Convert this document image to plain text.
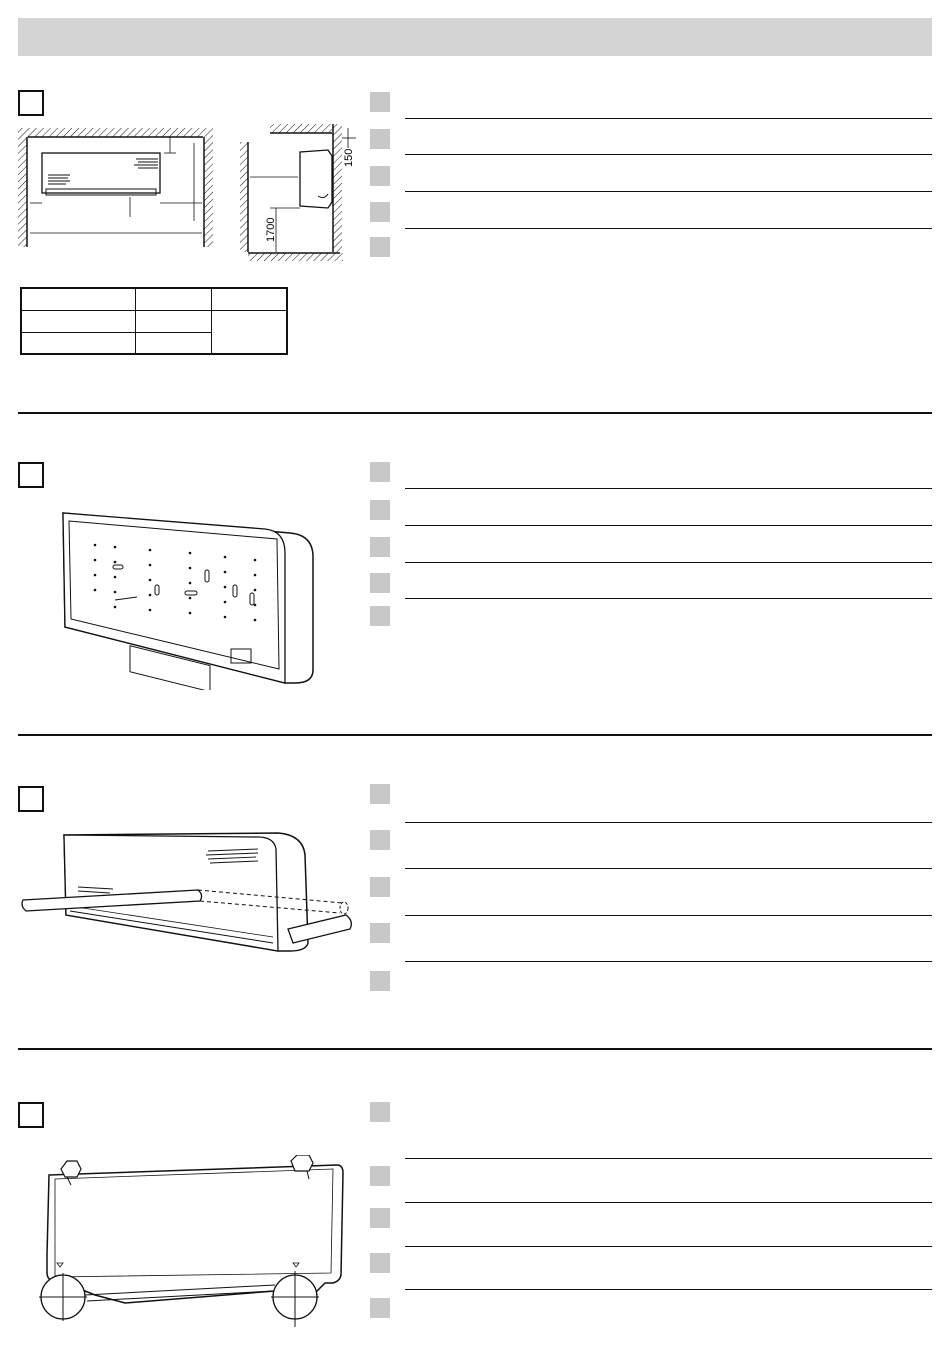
150
1700
